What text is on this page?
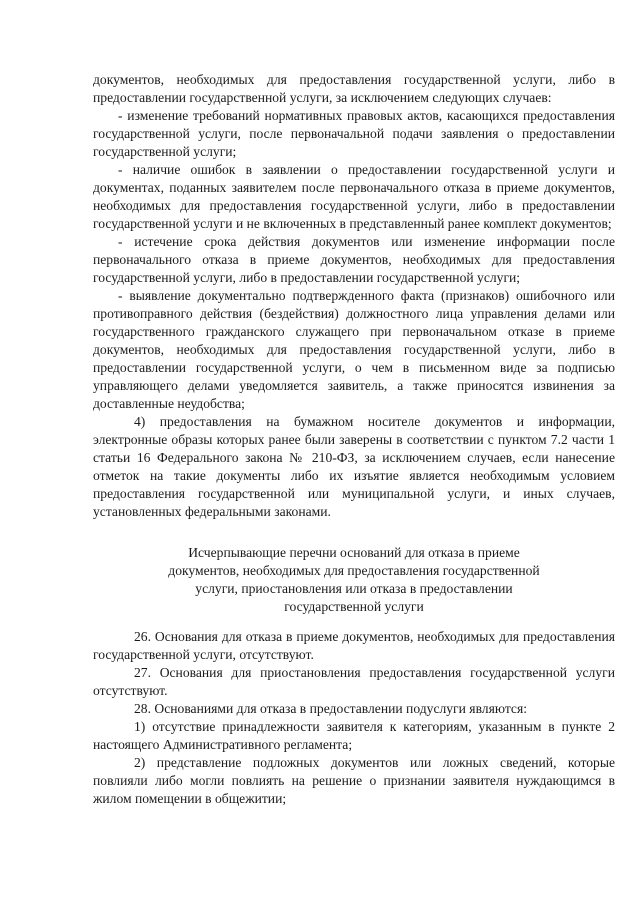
документов, необходимых для предоставления государственной услуги, либо в предоставлении государственной услуги, за исключением следующих случаев:

- изменение требований нормативных правовых актов, касающихся предоставления государственной услуги, после первоначальной подачи заявления о предоставлении государственной услуги;

- наличие ошибок в заявлении о предоставлении государственной услуги и документах, поданных заявителем после первоначального отказа в приеме документов, необходимых для предоставления государственной услуги, либо в предоставлении государственной услуги и не включенных в представленный ранее комплект документов;

- истечение срока действия документов или изменение информации после первоначального отказа в приеме документов, необходимых для предоставления государственной услуги, либо в предоставлении государственной услуги;

- выявление документально подтвержденного факта (признаков) ошибочного или противоправного действия (бездействия) должностного лица управления делами или государственного гражданского служащего при первоначальном отказе в приеме документов, необходимых для предоставления государственной услуги, либо в предоставлении государственной услуги, о чем в письменном виде за подписью управляющего делами уведомляется заявитель, а также приносятся извинения за доставленные неудобства;

4) предоставления на бумажном носителе документов и информации, электронные образы которых ранее были заверены в соответствии с пунктом 7.2 части 1 статьи 16 Федерального закона № 210-ФЗ, за исключением случаев, если нанесение отметок на такие документы либо их изъятие является необходимым условием предоставления государственной или муниципальной услуги, и иных случаев, установленных федеральными законами.

Исчерпывающие перечни оснований для отказа в приеме
документов, необходимых для предоставления государственной
услуги, приостановления или отказа в предоставлении
государственной услуги

26. Основания для отказа в приеме документов, необходимых для предоставления государственной услуги, отсутствуют.

27. Основания для приостановления предоставления государственной услуги отсутствуют.

28. Основаниями для отказа в предоставлении подуслуги являются:

1) отсутствие принадлежности заявителя к категориям, указанным в пункте 2 настоящего Административного регламента;

2) представление подложных документов или ложных сведений, которые повлияли либо могли повлиять на решение о признании заявителя нуждающимся в жилом помещении в общежитии;
